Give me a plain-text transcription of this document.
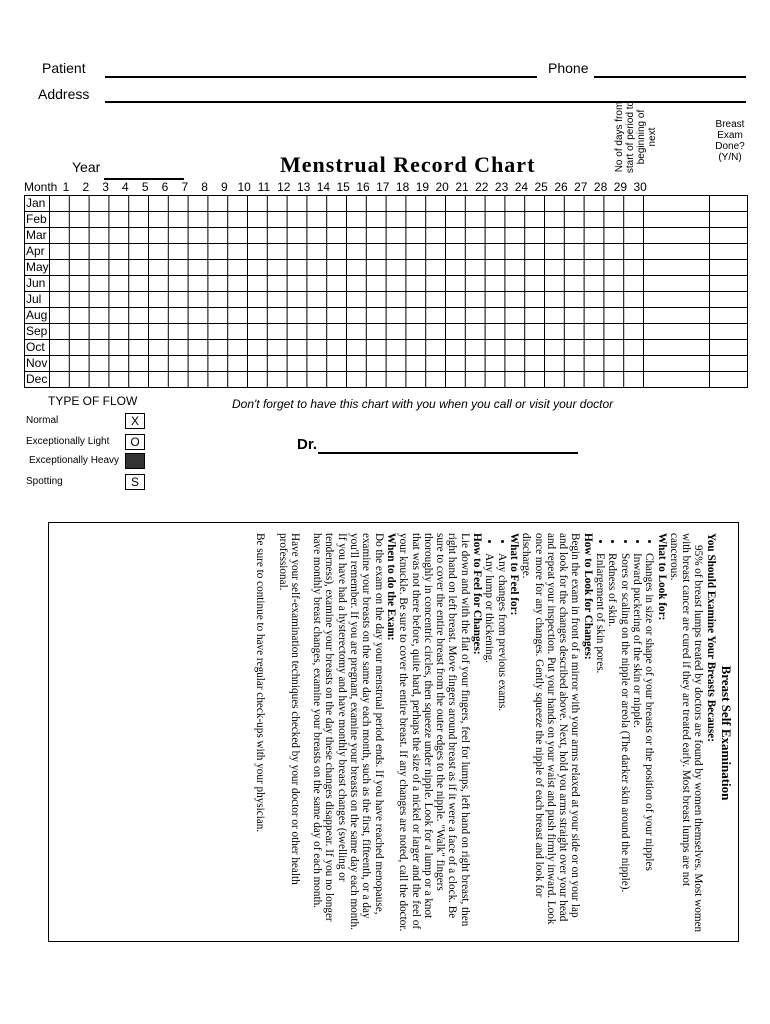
Patient	Phone
Address
Year	Menstrual Record Chart	No of days from start of period to beginning of next
Breast Exam Done? (Y/N)
Month 1	2	3	4	5	6	7	8	9 10 11 12 13 14 15 16 17 18 19 20 21 22 23 24 25 26 27 28 29 30
Jan
Feb
Mar
Apr
May
Jun
Jul
Aug
Sep
Oct
Nov
Dec
TYPE OF FLOW	Don't forget to have this chart with you when you call or visit your doctor
Dr.

Breast Self Examination

You Should Examine Your Breasts Because:

95% of breast lumps treated by doctors are found by women themselves. Most women with breast cancer are cured if they are treated early. Most breast lumps are not cancerous.

What to Look for:

• Changes in size or shape of your breasts or the position of your nipples
• Inward puckering of the skin or nipple.
• Sores or scaling on the nipple or areola (The darker skin around the nipple).
• Redness of skin.
• Enlargement of skin pores.

How to Look for Changes:

Begin the exam in front of a mirror with your arms relaxed at your side or on your lap and look for the changes described above. Next, hold you arms straight over your head and repeat your inspection. Put your hands on your waist and push firmly inward. Look once more for any changes. Gently squeeze the nipple of each breast and look for discharge.

What to Feel for:

• Any changes from previous exams.
• Any lump or thickening.

How to Feel for Changes:

Lie down and with the flat of your fingers, feel for lumps, left hand on right breast, then right hand on left breast. Move fingers around breast as if it were a face of a clock. Be sure to cover the entire breast from the outer edges to the nipple. "Walk" fingers thoroughly in concentric circles, then squeeze under nipple. Look for a lump or a knot that was not there before, quite hard, perhaps the size of a nickel or larger and the feel of your knuckle. Be sure to cover the entire breast. If any changes are noted, call the doctor.

When to do the Exam:

Do the exam on the day your menstrual period ends. If you have reached menopause, examine your breasts on the same day each month, such as the first, fifteenth, or a day you'll remember. If you are pregnant, examine your breasts on the same day each month. If you have had a hysterectomy and have monthly breast changes (swelling or tenderness), examine your breasts on the day these changes disappear. If you no longer have monthly breast changes, examine your breasts on the same day of each month.

Have your self-examination techniques checked by your doctor or other health professional.

Be sure to continue to have regular check-ups with your physician.

Normal	X
Exceptionally Light	O
Exceptionally Heavy
Spotting	S
